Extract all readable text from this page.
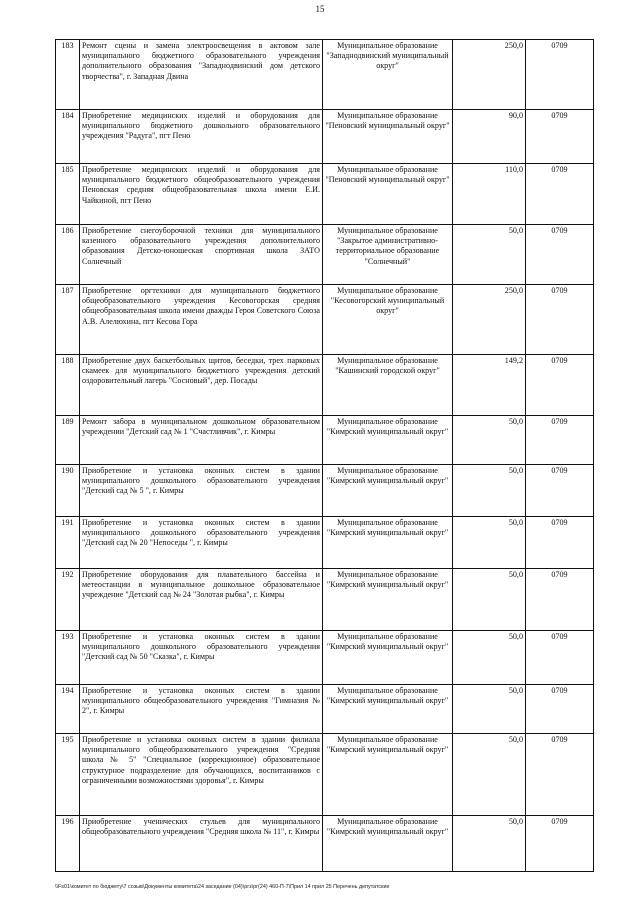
15
183	Ремонт сцены и замена электроосвещения в актовом зале муниципального бюджетного образовательного учреждения дополнительного образования "Западнодвинский дом детского творчества", г. Западная Двина	Муниципальное образование "Западнодвинский муниципальный округ"	250,0	0709
184	Приобретение медицинских изделий и оборудования для муниципального бюджетного дошкольного образовательного учреждения "Радуга", пгт Пено	Муниципальное образование "Пеновский муниципальный округ"	90,0	0709
185	Приобретение медицинских изделий и оборудования для муниципального бюджетного общеобразовательного учреждения Пеновская средняя общеобразовательная школа имени Е.И. Чайкиной, пгт Пено	Муниципальное образование "Пеновский муниципальный округ"	110,0	0709
186	Приобретение снегоуборочной техники для муниципального казенного образовательного учреждения дополнительного образования Детско-юношеская спортивная школа ЗАТО Солнечный	Муниципальное образование "Закрытое административно-территориальное образование "Солнечный"	50,0	0709
187	Приобретение оргтехники для муниципального бюджетного общеобразовательного учреждения Кесовогорская средняя общеобразовательная школа имени дважды Героя Советского Союза А.В. Алелюхина, пгт Кесова Гора	Муниципальное образование "Кесовогорский муниципальный округ"	250,0	0709
188	Приобретение двух баскетбольных щитов, беседки, трех парковых скамеек для муниципального бюджетного учреждения детский оздоровительный лагерь "Сосновый", дер. Посады	Муниципальное образование "Кашинский городской округ"	149,2	0709
189	Ремонт забора в муниципальном дошкольном образовательном учреждении "Детский сад № 1 "Счастливчик", г. Кимры	Муниципальное образование "Кимрский муниципальный округ"	50,0	0709
190	Приобретение и установка оконных систем в здании муниципального дошкольного образовательного учреждения "Детский сад № 5 ", г. Кимры	Муниципальное образование "Кимрский муниципальный округ"	50,0	0709
191	Приобретение и установка оконных систем в здании муниципального дошкольного образовательного учреждения "Детский сад № 20 "Непоседы ", г. Кимры	Муниципальное образование "Кимрский муниципальный округ"	50,0	0709
192	Приобретение оборудования для плавательного бассейна и метеостанции в муниципальное дошкольное образовательное учреждение "Детский сад № 24 "Золотая рыбка", г. Кимры	Муниципальное образование "Кимрский муниципальный округ"	50,0	0709
193	Приобретение и установка оконных систем в здании муниципального дошкольного образовательного учреждения "Детский сад № 50 "Сказка", г. Кимры	Муниципальное образование "Кимрский муниципальный округ"	50,0	0709
194	Приобретение и установка оконных систем в здании муниципального общеобразовательного учреждения "Гимназия № 2", г. Кимры	Муниципальное образование "Кимрский муниципальный округ"	50,0	0709
195	Приобретение и установка оконных систем в здании филиала муниципального общеобразовательного учреждения "Средняя школа № 5" "Специальное (коррекционное) образовательное структурное подразделение для обучающихся, воспитанников с ограниченными возможностями здоровья", г. Кимры	Муниципальное образование "Кимрский муниципальный округ"	50,0	0709
196	Приобретение ученических стульев для муниципального общеобразовательного учреждения "Средняя школа № 11", г. Кимры	Муниципальное образование "Кимрский муниципальный округ"	50,0	0709
\\Fs01\комитет по бюджету\7 созыв\Документы комитета\24 заседание (04)\ргз\рг(24) 460-П-7\Прил 14 прил 25 Перечень депутатские
